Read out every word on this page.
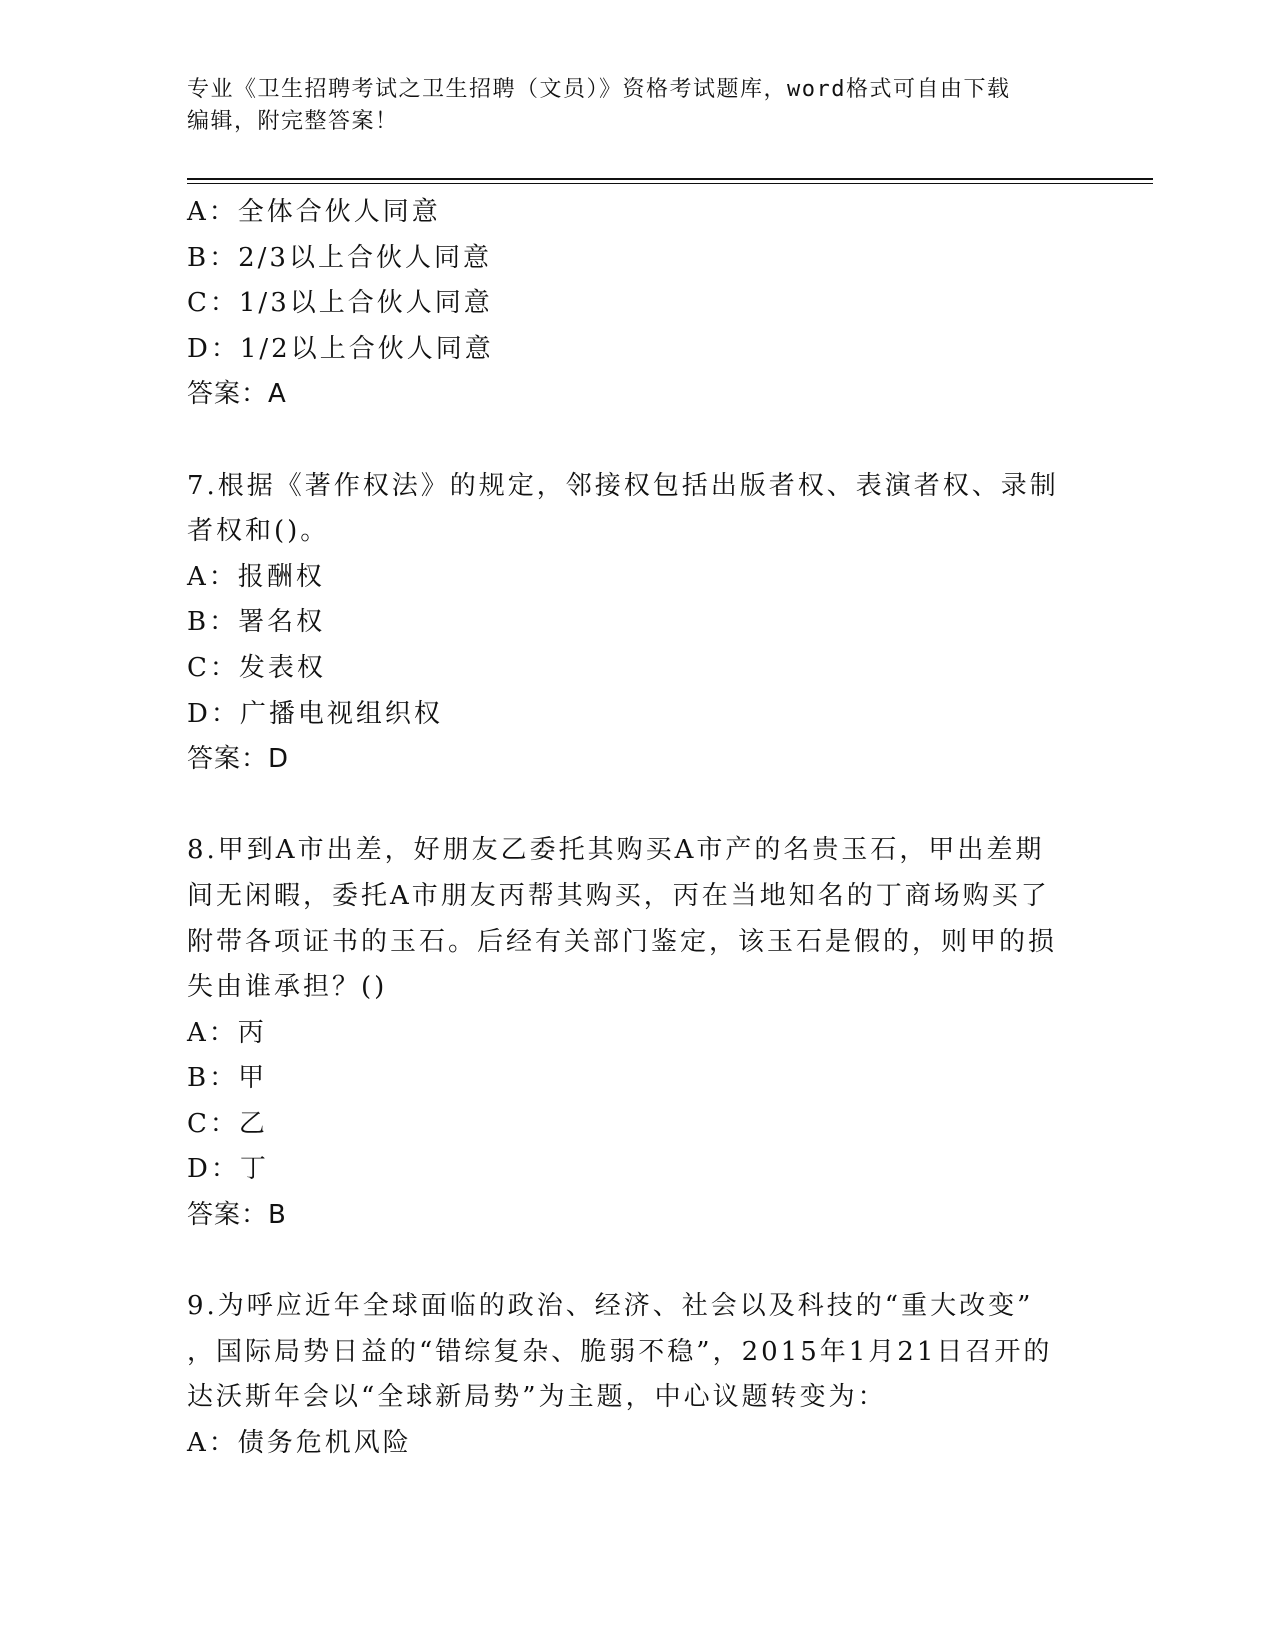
专业《卫生招聘考试之卫生招聘（文员）》资格考试题库，word格式可自由下载
编辑，附完整答案！
A：全体合伙人同意
B：2/3以上合伙人同意
C：1/3以上合伙人同意
D：1/2以上合伙人同意
答案：A
7.根据《著作权法》的规定，邻接权包括出版者权、表演者权、录制
者权和()。
A：报酬权
B：署名权
C：发表权
D：广播电视组织权
答案：D
8.甲到A市出差，好朋友乙委托其购买A市产的名贵玉石，甲出差期
间无闲暇，委托A市朋友丙帮其购买，丙在当地知名的丁商场购买了
附带各项证书的玉石。后经有关部门鉴定，该玉石是假的，则甲的损
失由谁承担？()
A：丙
B：甲
C：乙
D：丁
答案：B
9.为呼应近年全球面临的政治、经济、社会以及科技的“重大改变”
，国际局势日益的“错综复杂、脆弱不稳”，2015年1月21日召开的
达沃斯年会以“全球新局势”为主题，中心议题转变为：
A：债务危机风险
